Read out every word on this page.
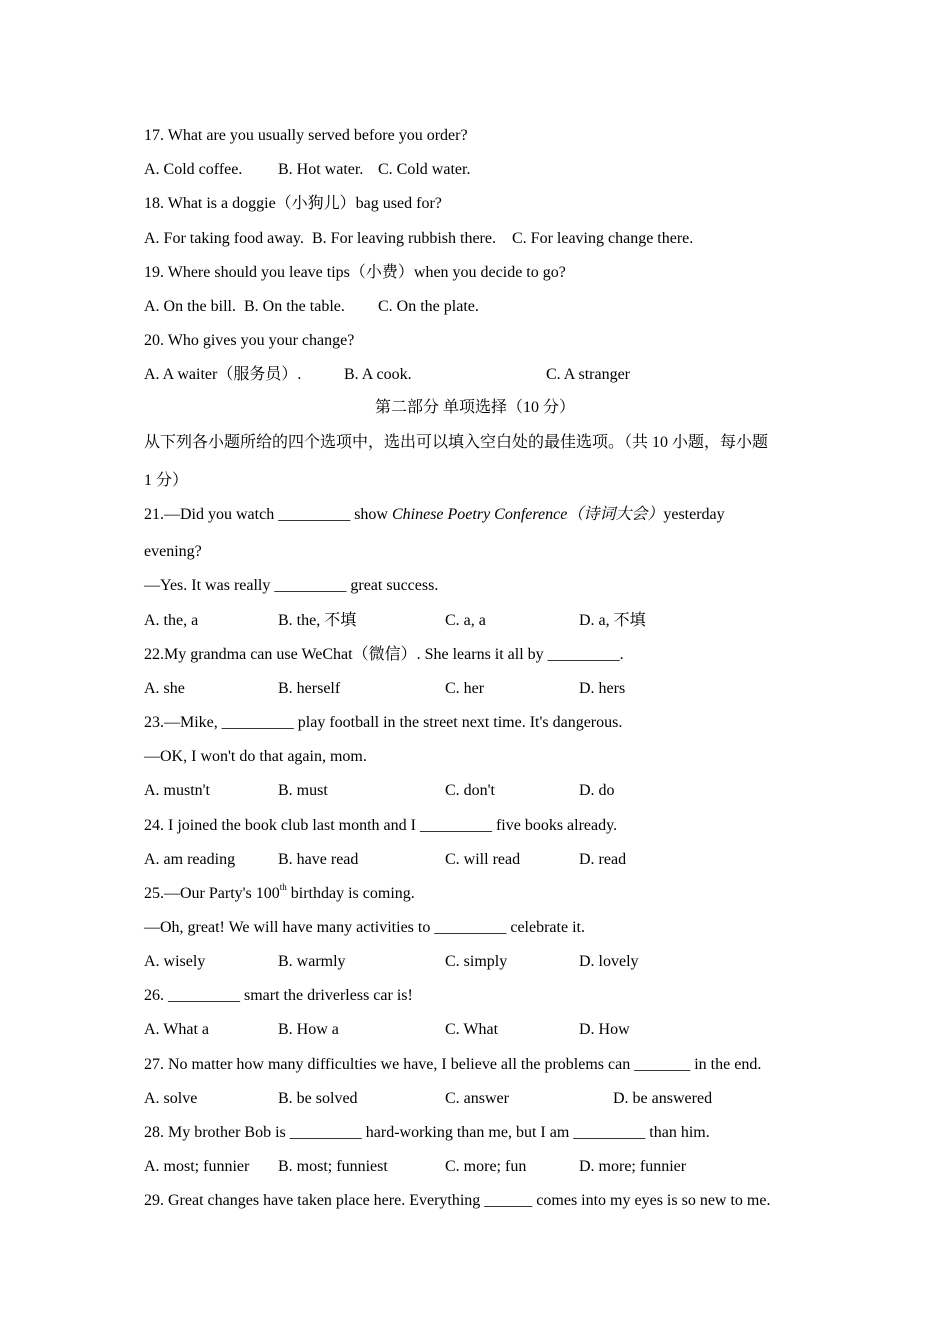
17. What are you usually served before you order?
A. Cold coffee. B. Hot water. C. Cold water.
18. What is a doggie（小狗儿）bag used for?
A. For taking food away. B. For leaving rubbish there. C. For leaving change there.
19. Where should you leave tips（小费）when you decide to go?
A. On the bill. B. On the table. C. On the plate.
20. Who gives you your change?
A. A waiter（服务员）.	B. A cook.	C. A stranger
第二部分 单项选择（10 分）
从下列各小题所给的四个选项中，选出可以填入空白处的最佳选项。（共 10 小题，每小题
1 分）
21.—Did you watch _________ show Chinese Poetry Conference（诗词大会）yesterday
evening?
—Yes. It was really _________ great success.
A. the, a	B. the, 不填	C. a, a	D. a, 不填
22.My grandma can use WeChat（微信）. She learns it all by _________.
A. she	B. herself	C. her	D. hers
23.—Mike, _________ play football in the street next time. It's dangerous.
—OK, I won't do that again, mom.
A. mustn't	B. must	C. don't	D. do
24. I joined the book club last month and I _________ five books already.
A. am reading	B. have read	C. will read	D. read
25.—Our Party's 100th birthday is coming.
—Oh, great! We will have many activities to _________ celebrate it.
A. wisely	B. warmly	C. simply	D. lovely
26. _________ smart the driverless car is!
A. What a	B. How a	C. What	D. How
27. No matter how many difficulties we have, I believe all the problems can _______ in the end.
A. solve	B. be solved	C. answer	D. be answered
28. My brother Bob is _________ hard-working than me, but I am _________ than him.
A. most; funnier B. most; funniest	C. more; fun	D. more; funnier
29. Great changes have taken place here. Everything ______ comes into my eyes is so new to me.
